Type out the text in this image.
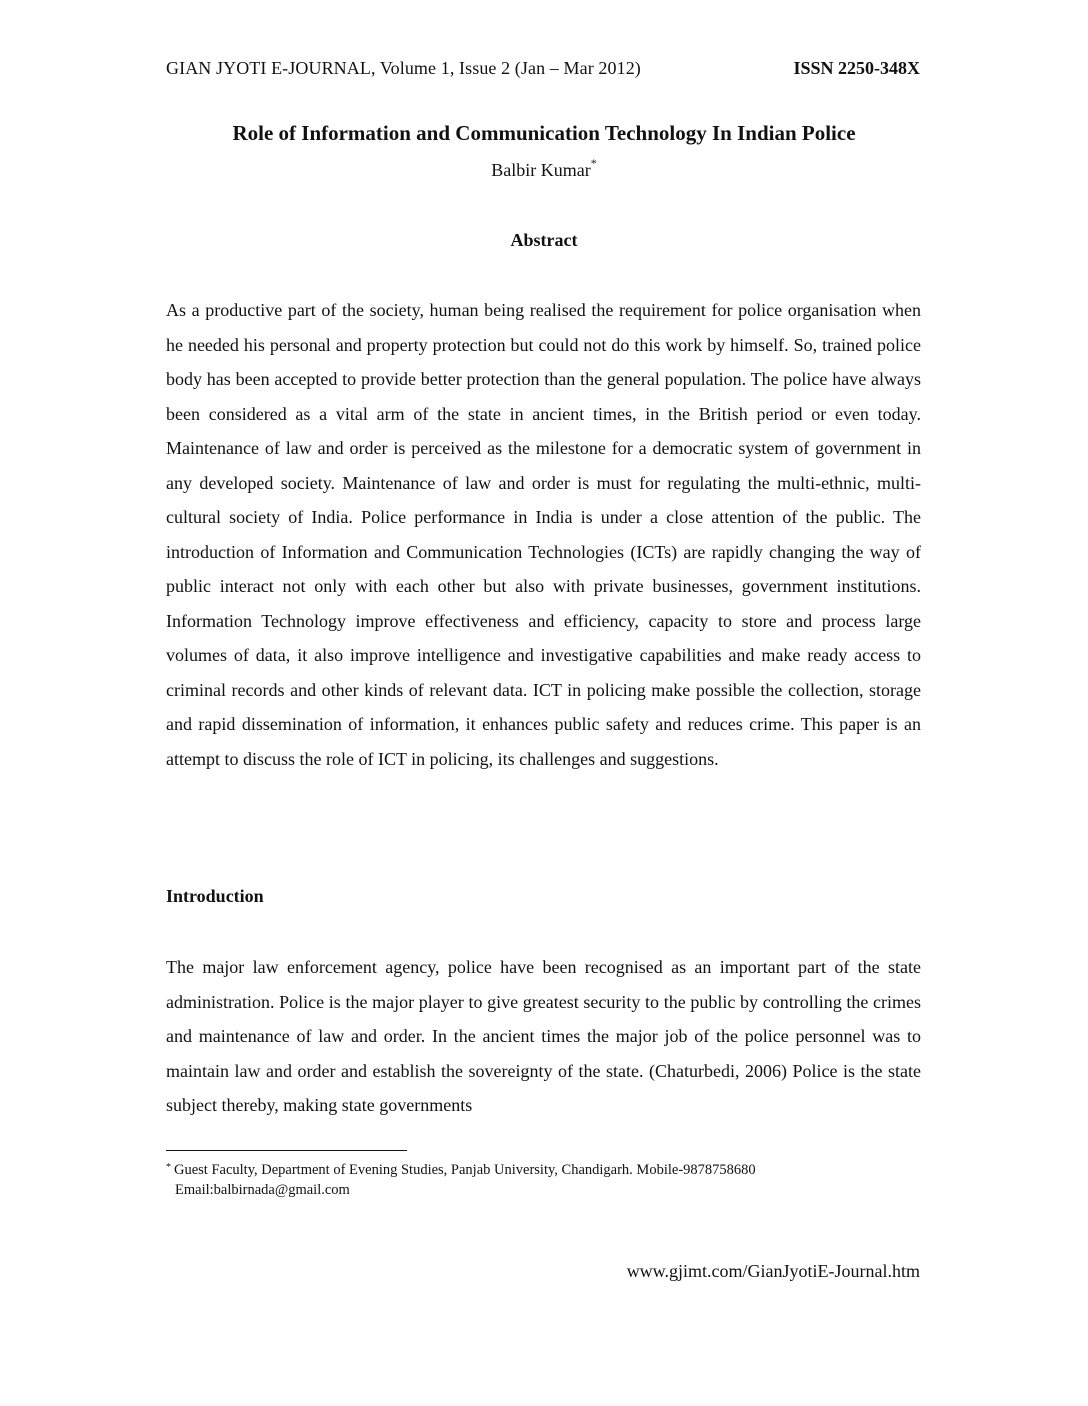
GIAN JYOTI E-JOURNAL, Volume 1, Issue 2 (Jan – Mar 2012)	ISSN 2250-348X
Role of Information and Communication Technology In Indian Police
Balbir Kumar*
Abstract

As a productive part of the society, human being realised the requirement for police organisation when he needed his personal and property protection but could not do this work by himself. So, trained police body has been accepted to provide better protection than the general population. The police have always been considered as a vital arm of the state in ancient times, in the British period or even today. Maintenance of law and order is perceived as the milestone for a democratic system of government in any developed society. Maintenance of law and order is must for regulating the multi-ethnic, multi-cultural society of India. Police performance in India is under a close attention of the public. The introduction of Information and Communication Technologies (ICTs) are rapidly changing the way of public interact not only with each other but also with private businesses, government institutions. Information Technology improve effectiveness and efficiency, capacity to store and process large volumes of data, it also improve intelligence and investigative capabilities and make ready access to criminal records and other kinds of relevant data. ICT in policing make possible the collection, storage and rapid dissemination of information, it enhances public safety and reduces crime. This paper is an attempt to discuss the role of ICT in policing, its challenges and suggestions.

Introduction

The major law enforcement agency, police have been recognised as an important part of the state administration. Police is the major player to give greatest security to the public by controlling the crimes and maintenance of law and order. In the ancient times the major job of the police personnel was to maintain law and order and establish the sovereignty of the state. (Chaturbedi, 2006) Police is the state subject thereby, making state governments

* Guest Faculty, Department of Evening Studies, Panjab University, Chandigarh. Mobile-9878758680
Email:balbirnada@gmail.com
www.gjimt.com/GianJyotiE-Journal.htm
